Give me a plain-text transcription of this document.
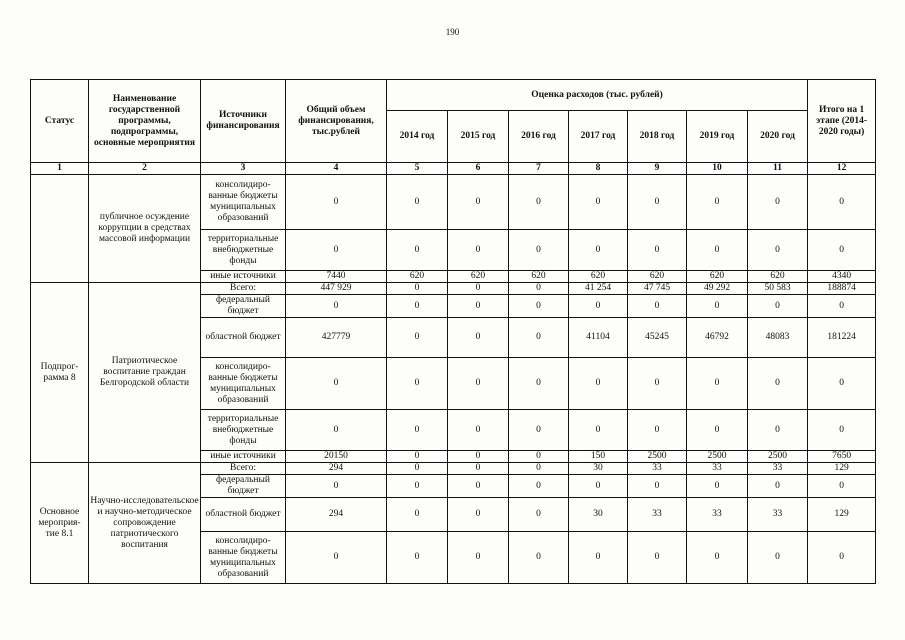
190
Статус	Наименование государственной программы, подпрограммы, основные мероприятия	Источники финансирования	Общий объем финансирования, тыс.рублей	Оценка расходов (тыс. рублей)							Итого на 1 этапе (2014-2020 годы)
				2014 год	2015 год	2016 год	2017 год	2018 год	2019 год	2020 год	
1	2	3	4	5	6	7	8	9	10	11	12
	публичное осуждение коррупции в средствах массовой информации	консолидиро-ванные бюджеты муниципальных образований	0	0	0	0	0	0	0	0	0
		территориальные внебюджетные фонды	0	0	0	0	0	0	0	0	0
		иные источники	7440	620	620	620	620	620	620	620	4340
Подпрог-рамма 8	Патриотическое воспитание граждан Белгородской области	Всего:	447 929	0	0	0	41 254	47 745	49 292	50 583	188874
		федеральный бюджет	0	0	0	0	0	0	0	0	0
		областной бюджет	427779	0	0	0	41104	45245	46792	48083	181224
		консолидиро-ванные бюджеты муниципальных образований	0	0	0	0	0	0	0	0	0
		территориальные внебюджетные фонды	0	0	0	0	0	0	0	0	0
		иные источники	20150	0	0	0	150	2500	2500	2500	7650
Основное мероприя-тие 8.1	Научно-исследовательское и научно-методическое сопровождение патриотического воспитания	Всего:	294	0	0	0	30	33	33	33	129
		федеральный бюджет	0	0	0	0	0	0	0	0	0
		областной бюджет	294	0	0	0	30	33	33	33	129
		консолидиро-ванные бюджеты муниципальных образований	0	0	0	0	0	0	0	0	0
